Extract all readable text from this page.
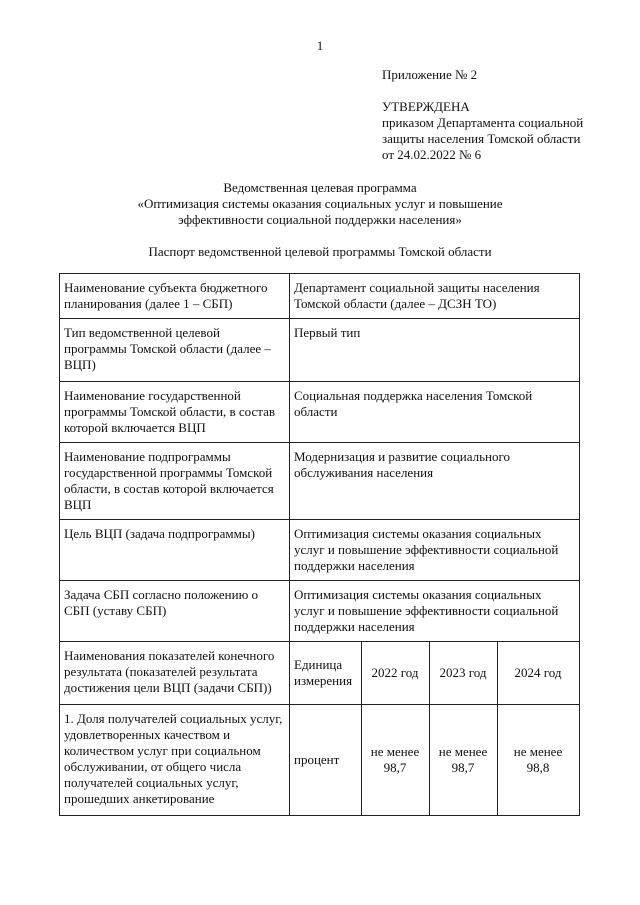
1
Приложение № 2
УТВЕРЖДЕНА
приказом Департамента социальной
защиты населения Томской области
от 24.02.2022 № 6
Ведомственная целевая программа
«Оптимизация системы оказания социальных услуг и повышение
эффективности социальной поддержки населения»
Паспорт ведомственной целевой программы Томской области
Наименование субъекта бюджетного планирования (далее 1 – СБП)	Департамент социальной защиты населения Томской области (далее – ДСЗН ТО)			
Тип ведомственной целевой программы Томской области (далее – ВЦП)	Первый тип			
Наименование государственной программы Томской области, в состав которой включается ВЦП	Социальная поддержка населения Томской области			
Наименование подпрограммы государственной программы Томской области, в состав которой включается ВЦП	Модернизация и развитие социального обслуживания населения			
Цель ВЦП (задача подпрограммы)	Оптимизация системы оказания социальных услуг и повышение эффективности социальной поддержки населения			
Задача СБП согласно положению о СБП (уставу СБП)	Оптимизация системы оказания социальных услуг и повышение эффективности социальной поддержки населения			
Наименования показателей конечного результата (показателей результата достижения цели ВЦП (задачи СБП))	Единица измерения	2022 год	2023 год	2024 год
1. Доля получателей социальных услуг, удовлетворенных качеством и количеством услуг при социальном обслуживании, от общего числа получателей социальных услуг, прошедших анкетирование	процент	не менее 98,7	не менее 98,7	не менее 98,8
